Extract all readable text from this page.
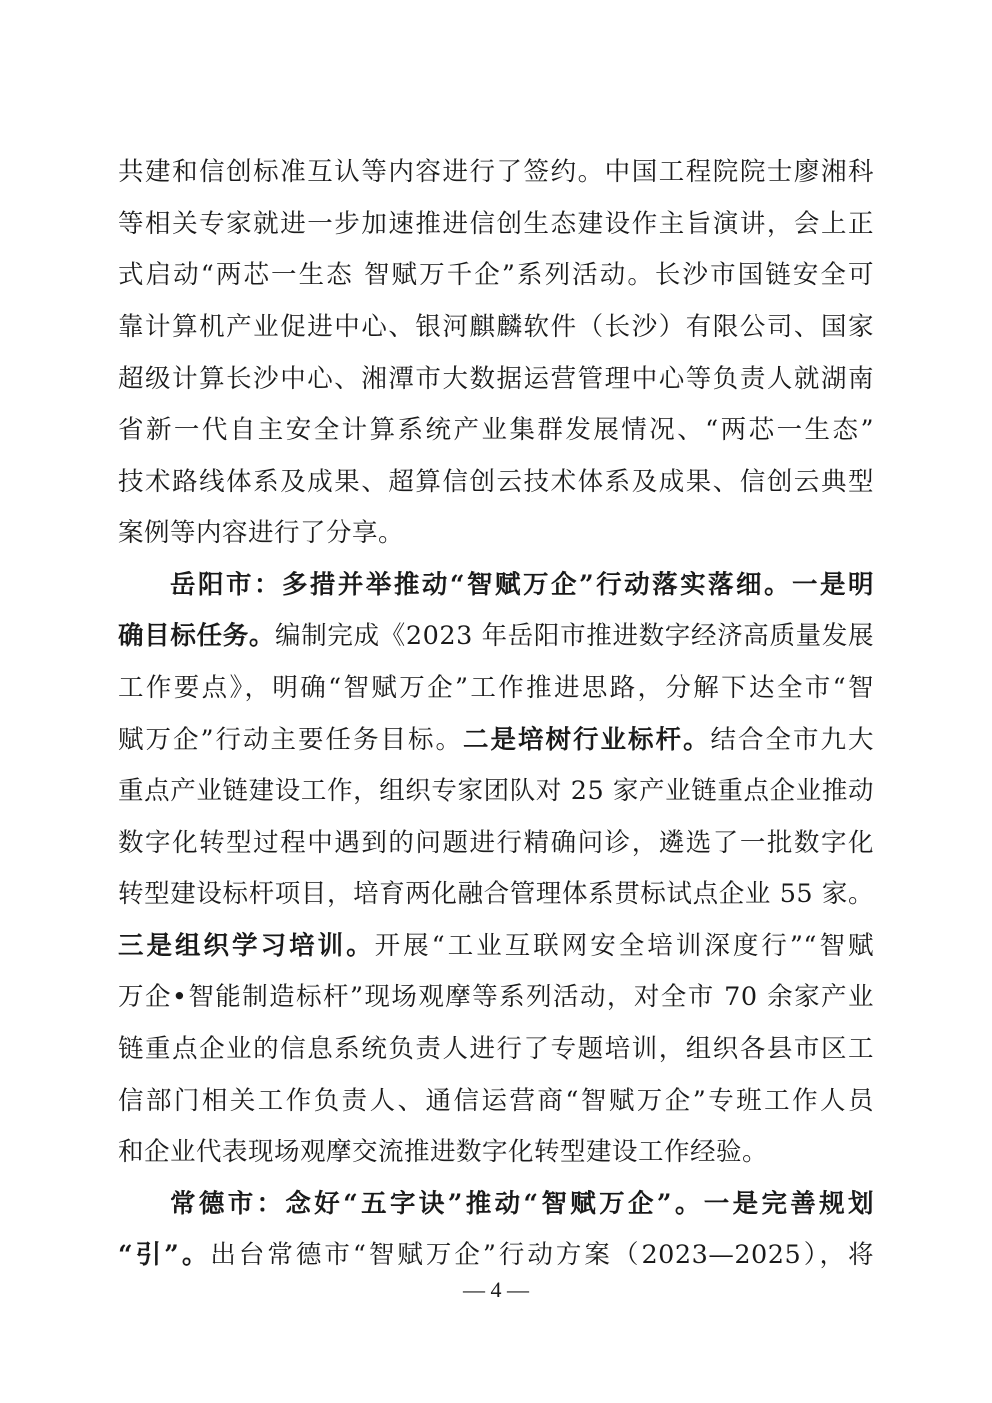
共建和信创标准互认等内容进行了签约。中国工程院院士廖湘科
等相关专家就进一步加速推进信创生态建设作主旨演讲，会上正
式启动“两芯一生态 智赋万千企”系列活动。长沙市国链安全可
靠计算机产业促进中心、银河麒麟软件（长沙）有限公司、国家
超级计算长沙中心、湘潭市大数据运营管理中心等负责人就湖南
省新一代自主安全计算系统产业集群发展情况、“两芯一生态”
技术路线体系及成果、超算信创云技术体系及成果、信创云典型
案例等内容进行了分享。
岳阳市：多措并举推动“智赋万企”行动落实落细。一是明
确目标任务。编制完成《2023 年岳阳市推进数字经济高质量发展
工作要点》，明确“智赋万企”工作推进思路，分解下达全市“智
赋万企”行动主要任务目标。二是培树行业标杆。结合全市九大
重点产业链建设工作，组织专家团队对 25 家产业链重点企业推动
数字化转型过程中遇到的问题进行精确问诊，遴选了一批数字化
转型建设标杆项目，培育两化融合管理体系贯标试点企业 55 家。
三是组织学习培训。开展“工业互联网安全培训深度行”“智赋
万企•智能制造标杆”现场观摩等系列活动，对全市 70 余家产业
链重点企业的信息系统负责人进行了专题培训，组织各县市区工
信部门相关工作负责人、通信运营商“智赋万企”专班工作人员
和企业代表现场观摩交流推进数字化转型建设工作经验。
常德市：念好“五字诀”推动“智赋万企”。一是完善规划
“引”。出台常德市“智赋万企”行动方案（2023—2025），将
— 4 —
